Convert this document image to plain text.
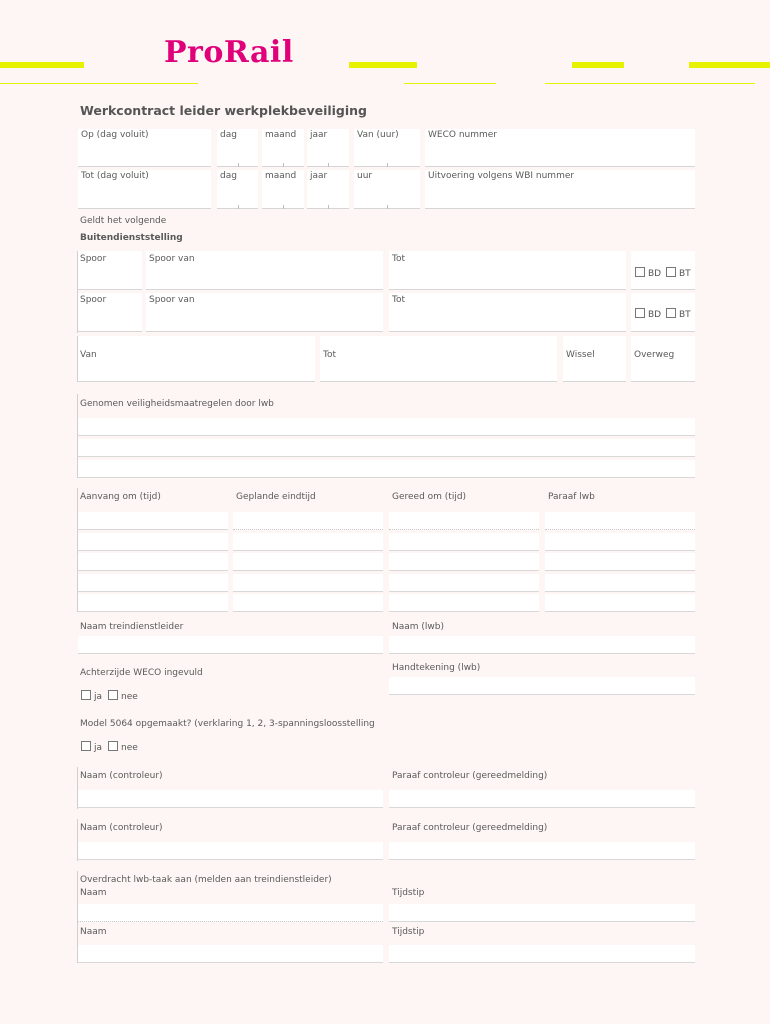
ProRail
Werkcontract leider werkplekbeveiliging
Op (dag voluit)	dag	maand jaar	Van (uur)	WECO nummer
Tot (dag voluit)	dag	maand jaar	uur	Uitvoering volgens WBI nummer
Geldt het volgende
Buitendienststelling
Spoor	Spoor van	Tot
BD	BT
Spoor	Spoor van	Tot
BD	BT
Van	Tot	Wissel	Overweg
Genomen veiligheidsmaatregelen door lwb
Aanvang om (tijd)	Geplande eindtijd	Gereed om (tijd)	Paraaf lwb
Naam treindienstleider	Naam (lwb)
Achterzijde WECO ingevuld	Handtekening (lwb)
ja	nee
Model 5064 opgemaakt? (verklaring 1, 2, 3-spanningsloosstelling
ja	nee
Naam (controleur)	Paraaf controleur (gereedmelding)
Naam (controleur)	Paraaf controleur (gereedmelding)
Overdracht lwb-taak aan (melden aan treindienstleider)
Naam	Tijdstip
Naam	Tijdstip
